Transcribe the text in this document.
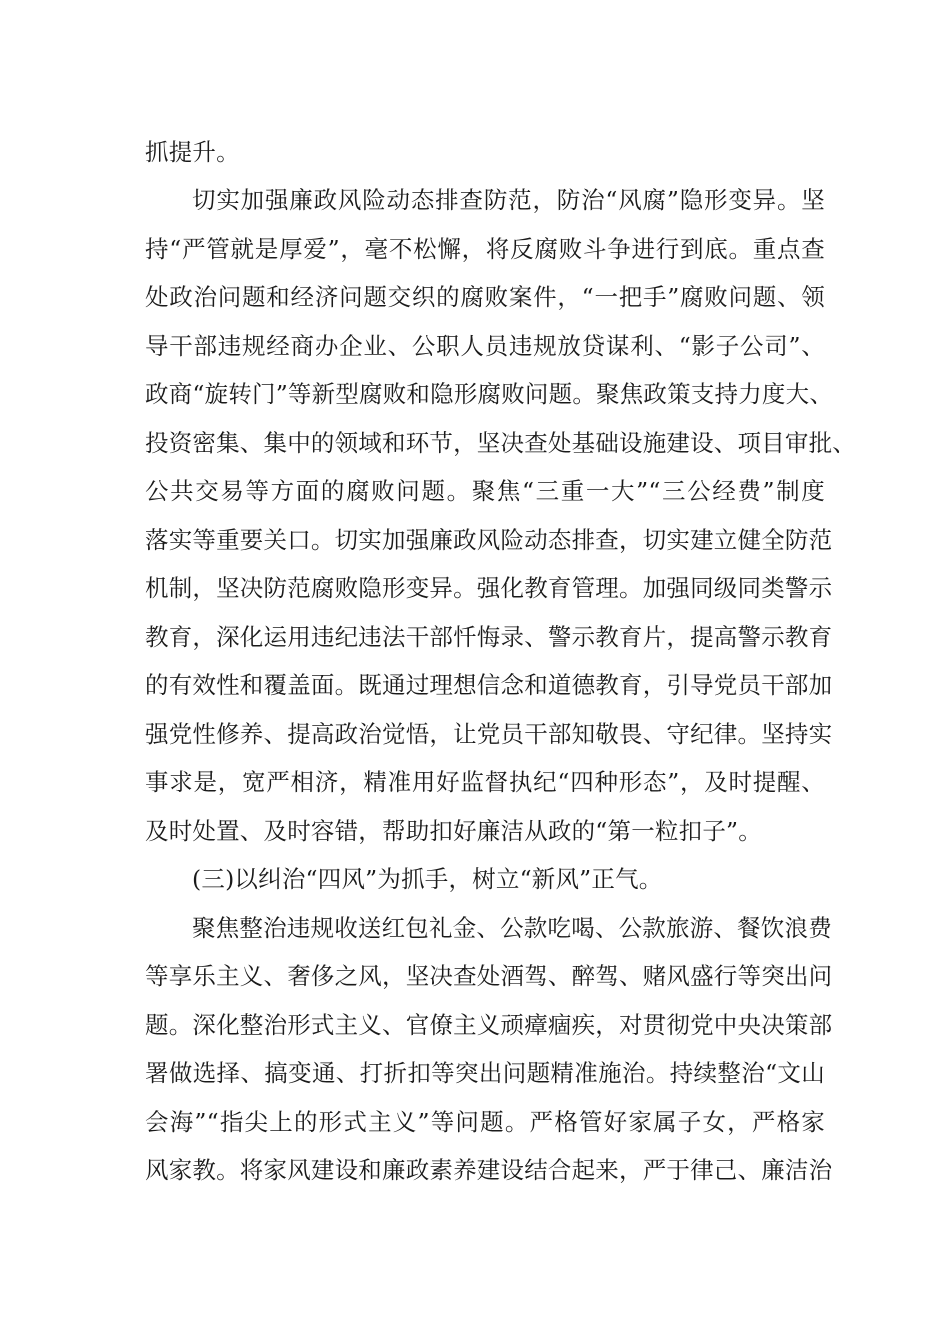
抓提升。
切实加强廉政风险动态排查防范，防治“风腐”隐形变异。坚
持“严管就是厚爱”，毫不松懈，将反腐败斗争进行到底。重点查
处政治问题和经济问题交织的腐败案件，“一把手”腐败问题、领
导干部违规经商办企业、公职人员违规放贷谋利、“影子公司”、
政商“旋转门”等新型腐败和隐形腐败问题。聚焦政策支持力度大、
投资密集、集中的领域和环节，坚决查处基础设施建设、项目审批、
公共交易等方面的腐败问题。聚焦“三重一大”“三公经费”制度
落实等重要关口。切实加强廉政风险动态排查，切实建立健全防范
机制，坚决防范腐败隐形变异。强化教育管理。加强同级同类警示
教育，深化运用违纪违法干部忏悔录、警示教育片，提高警示教育
的有效性和覆盖面。既通过理想信念和道德教育，引导党员干部加
强党性修养、提高政治觉悟，让党员干部知敬畏、守纪律。坚持实
事求是，宽严相济，精准用好监督执纪“四种形态”，及时提醒、
及时处置、及时容错，帮助扣好廉洁从政的“第一粒扣子”。
(三)以纠治“四风”为抓手，树立“新风”正气。
聚焦整治违规收送红包礼金、公款吃喝、公款旅游、餐饮浪费
等享乐主义、奢侈之风，坚决查处酒驾、醉驾、赌风盛行等突出问
题。深化整治形式主义、官僚主义顽瘴痼疾，对贯彻党中央决策部
署做选择、搞变通、打折扣等突出问题精准施治。持续整治“文山
会海”“指尖上的形式主义”等问题。严格管好家属子女，严格家
风家教。将家风建设和廉政素养建设结合起来，严于律己、廉洁治
